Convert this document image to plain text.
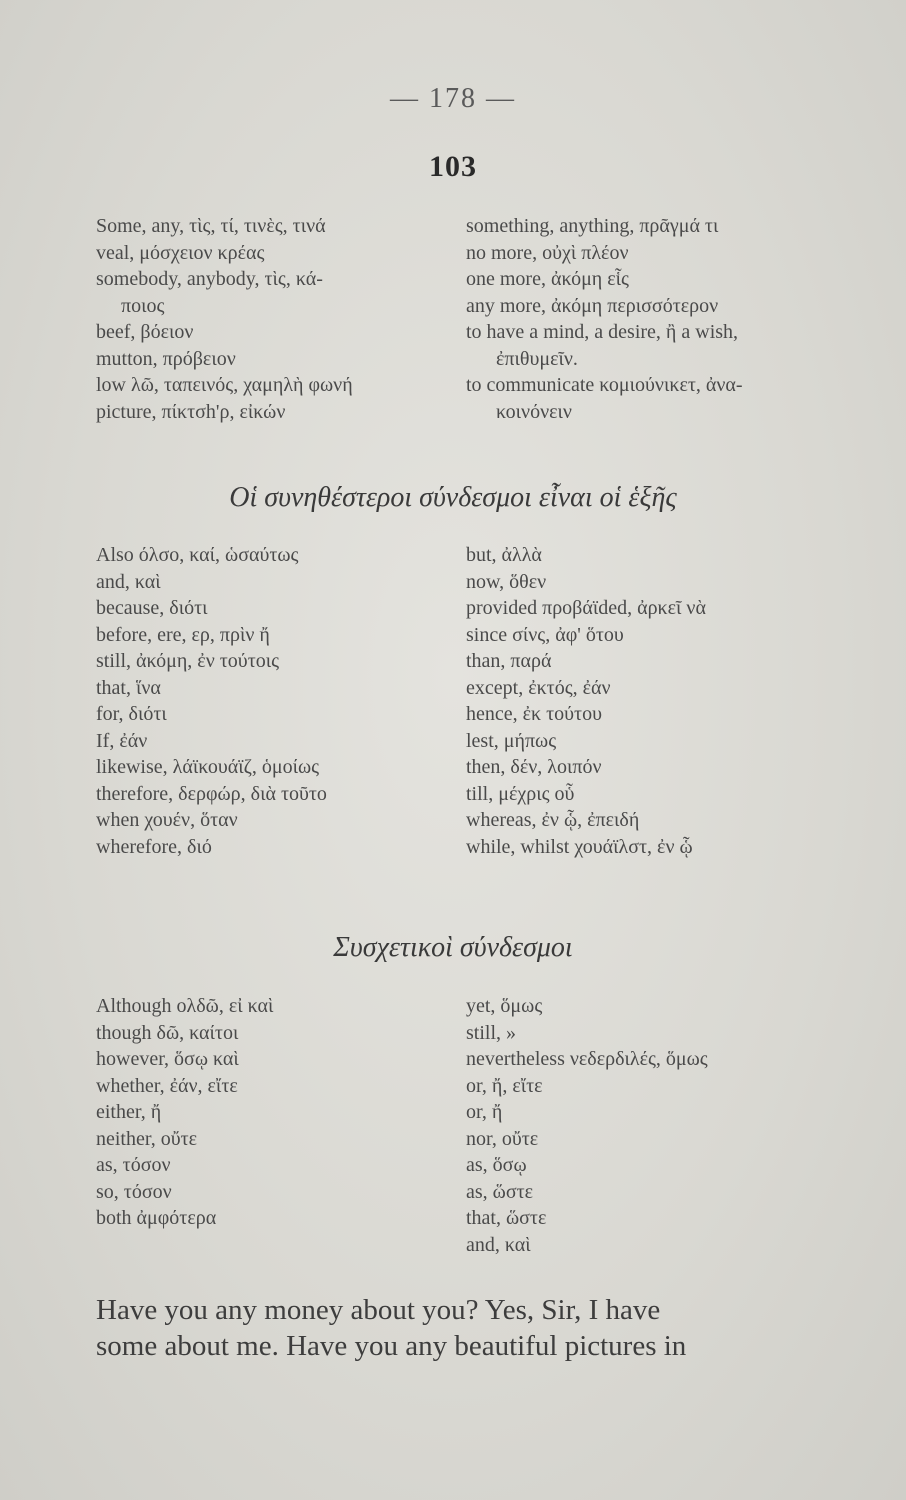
— 178 —
103
Some, any, τὶς, τί, τινὲς, τινά
veal, μόσχειον κρέας
somebody, anybody, τὶς, κά-
ποιος
beef, βόειον
mutton, πρόβειον
low λῶ, ταπεινός, χαμηλὴ φωνή
picture, πίκτσh'ρ, εἰκών
something, anything, πρᾶγμά τι
no more, οὐχὶ πλέον
one more, ἀκόμη εἷς
any more, ἀκόμη περισσότερον
to have a mind, a desire, ἢ a wish,
ἐπιθυμεῖν.
to communicate κομιούνικετ, ἀνα-
κοινόνειν
Οἱ συνηθέστεροι σύνδεσμοι εἶναι οἱ ἑξῆς
Also όλσο, καί, ὡσαύτως
and, καὶ
because, διότι
before, ere, ερ, πρὶν ἤ
still, ἀκόμη, ἐν τούτοις
that, ἵνα
for, διότι
If, ἐάν
likewise, λάϊκουάϊζ, ὁμοίως
therefore, δερφώρ, διὰ τοῦτο
when χουέν, ὅταν
wherefore, διό
but, ἀλλὰ
now, ὅθεν
provided προβάϊded, ἀρκεῖ νὰ
since σίνς, ἀφ' ὅτου
than, παρά
except, ἐκτός, ἐάν
hence, ἐκ τούτου
lest, μήπως
then, δέν, λοιπόν
till, μέχρις οὗ
whereas, ἐν ᾧ, ἐπειδή
while, whilst χουάϊλστ, ἐν ᾧ
Συσχετικοὶ σύνδεσμοι
Although ολδῶ, εἰ καὶ
though δῶ, καίτοι
however, ὅσῳ καὶ
whether, ἐάν, εἴτε
either, ἤ
neither, οὔτε
as, τόσον
so, τόσον
both ἀμφότερα
yet, ὅμως
still, »
nevertheless νεδερδιλές, ὅμως
or, ἤ, εἴτε
or, ἤ
nor, οὔτε
as, ὅσῳ
as, ὥστε
that, ὥστε
and, καὶ
Have you any money about you? Yes, Sir, I have
some about me. Have you any beautiful pictures in
